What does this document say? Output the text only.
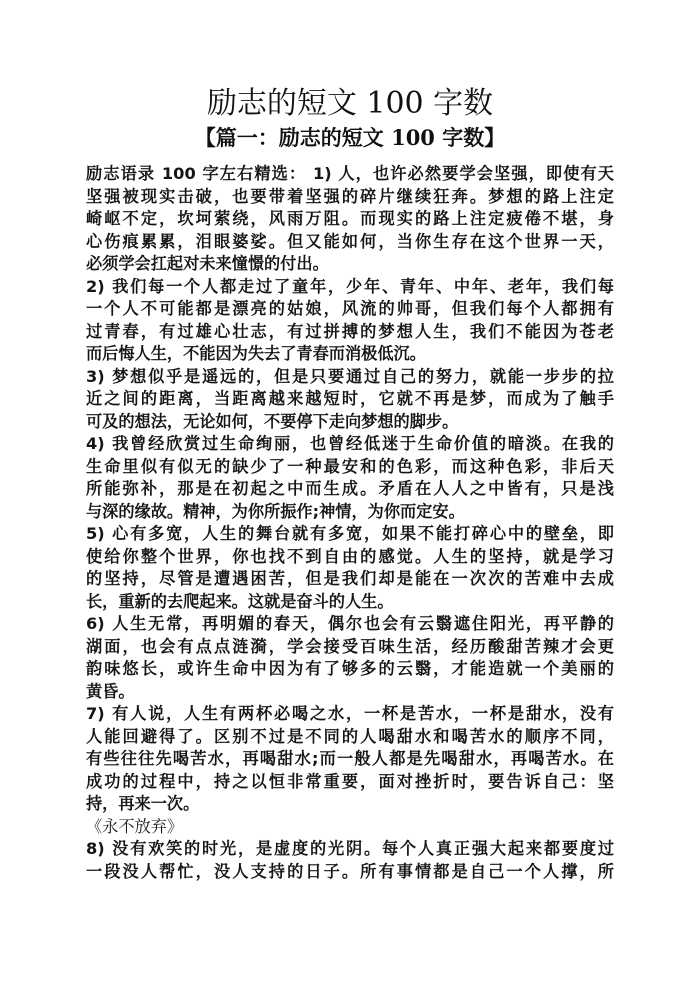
励志的短文 100 字数
【篇一：励志的短文 100 字数】
励志语录 100 字左右精选： 1) 人，也许必然要学会坚强，即使有天
坚强被现实击破，也要带着坚强的碎片继续狂奔。梦想的路上注定
崎岖不定，坎坷萦绕，风雨万阻。而现实的路上注定疲倦不堪，身
心伤痕累累，泪眼婆娑。但又能如何，当你生存在这个世界一天，
必须学会扛起对未来憧憬的付出。
2) 我们每一个人都走过了童年，少年、青年、中年、老年，我们每
一个人不可能都是漂亮的姑娘，风流的帅哥，但我们每个人都拥有
过青春，有过雄心壮志，有过拼搏的梦想人生，我们不能因为苍老
而后悔人生，不能因为失去了青春而消极低沉。
3) 梦想似乎是遥远的，但是只要通过自己的努力，就能一步步的拉
近之间的距离，当距离越来越短时，它就不再是梦，而成为了触手
可及的想法，无论如何，不要停下走向梦想的脚步。
4) 我曾经欣赏过生命绚丽，也曾经低迷于生命价值的暗淡。在我的
生命里似有似无的缺少了一种最安和的色彩，而这种色彩，非后天
所能弥补，那是在初起之中而生成。矛盾在人人之中皆有，只是浅
与深的缘故。精神，为你所振作;神情，为你而定安。
5) 心有多宽，人生的舞台就有多宽，如果不能打碎心中的壁垒，即
使给你整个世界，你也找不到自由的感觉。人生的坚持，就是学习
的坚持，尽管是遭遇困苦，但是我们却是能在一次次的苦难中去成
长，重新的去爬起来。这就是奋斗的人生。
6) 人生无常，再明媚的春天，偶尔也会有云翳遮住阳光，再平静的
湖面，也会有点点涟漪，学会接受百味生活，经历酸甜苦辣才会更
韵味悠长，或许生命中因为有了够多的云翳，才能造就一个美丽的
黄昏。
7) 有人说，人生有两杯必喝之水，一杯是苦水，一杯是甜水，没有
人能回避得了。区别不过是不同的人喝甜水和喝苦水的顺序不同，
有些往往先喝苦水，再喝甜水;而一般人都是先喝甜水，再喝苦水。在
成功的过程中，持之以恒非常重要，面对挫折时，要告诉自己：坚
持，再来一次。
《永不放弃》
8) 没有欢笑的时光，是虚度的光阴。每个人真正强大起来都要度过
一段没人帮忙，没人支持的日子。所有事情都是自己一个人撑，所
